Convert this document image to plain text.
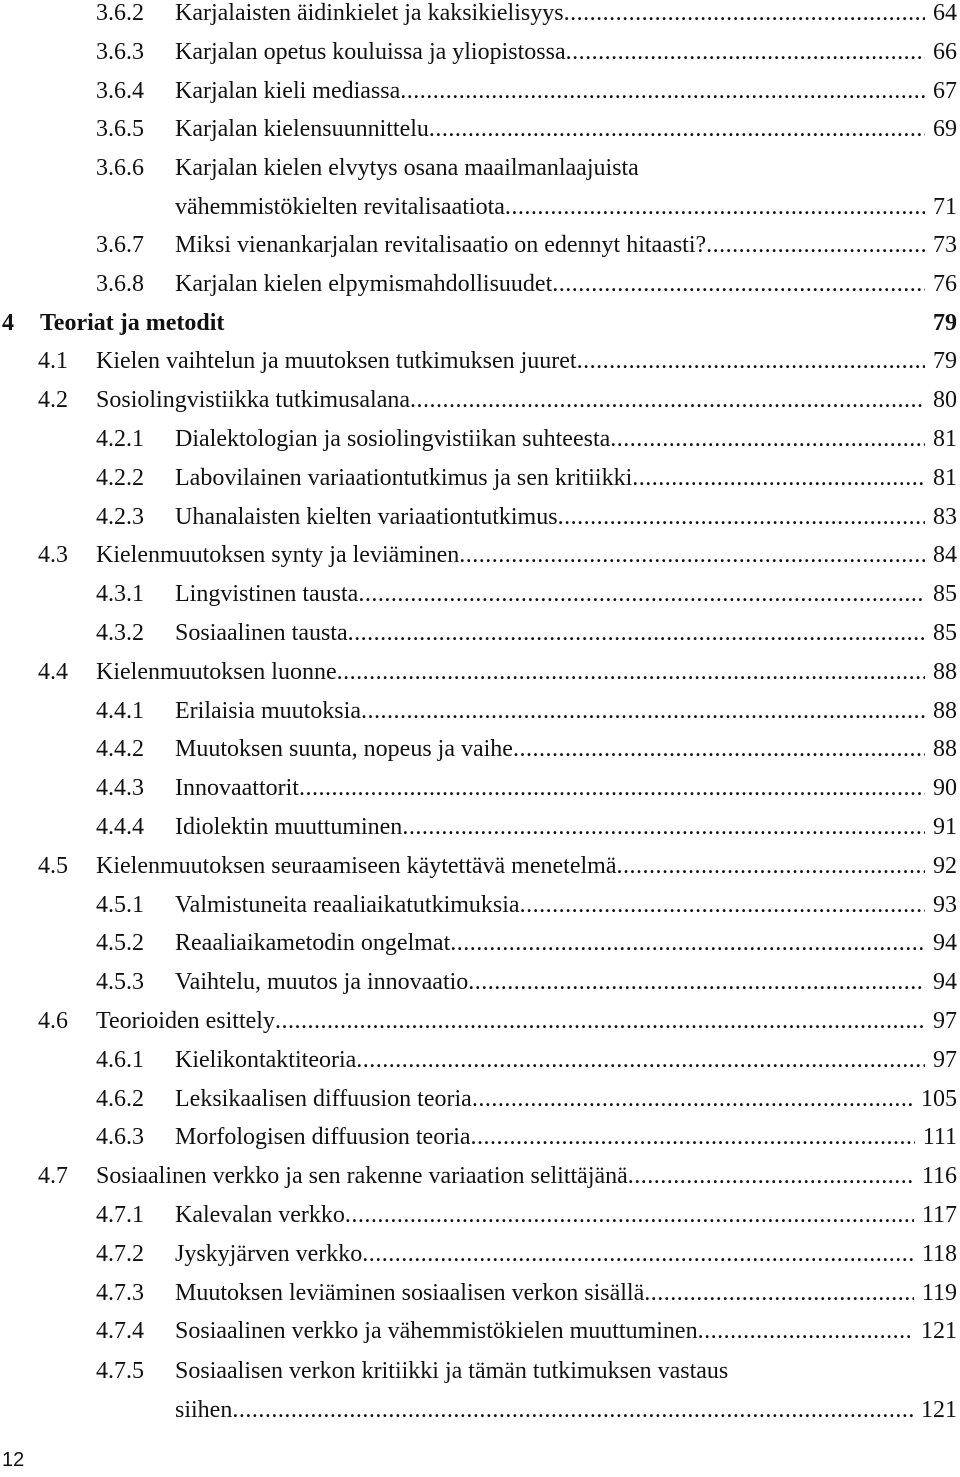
3.6.2 Karjalaisten äidinkielet ja kaksikielisyys .....	64
3.6.3 Karjalan opetus kouluissa ja yliopistossa .....	66
3.6.4 Karjalan kieli mediassa .....	67
3.6.5 Karjalan kielensuunnittelu .....	69
3.6.6 Karjalan kielen elvytys osana maailmanlaajuista
vähemmistökielten revitalisaatiota .....	71
3.6.7 Miksi vienankarjalan revitalisaatio on edennyt hitaasti? .....	73
3.6.8 Karjalan kielen elpymismahdollisuudet .....	76
4 Teoriat ja metodit	79
4.1 Kielen vaihtelun ja muutoksen tutkimuksen juuret .....	79
4.2 Sosiolingvistiikka tutkimusalana .....	80
4.2.1 Dialektologian ja sosiolingvistiikan suhteesta .....	81
4.2.2 Labovilainen variaationtutkimus ja sen kritiikki .....	81
4.2.3 Uhanalaisten kielten variaationtutkimus .....	83
4.3 Kielenmuutoksen synty ja leviäminen .....	84
4.3.1 Lingvistinen tausta .....	85
4.3.2 Sosiaalinen tausta .....	85
4.4 Kielenmuutoksen luonne .....	88
4.4.1 Erilaisia muutoksia .....	88
4.4.2 Muutoksen suunta, nopeus ja vaihe .....	88
4.4.3 Innovaattorit .....	90
4.4.4 Idiolektin muuttuminen .....	91
4.5 Kielenmuutoksen seuraamiseen käytettävä menetelmä .....	92
4.5.1 Valmistuneita reaaliaikatutkimuksia .....	93
4.5.2 Reaaliaikametodin ongelmat .....	94
4.5.3 Vaihtelu, muutos ja innovaatio .....	94
4.6 Teorioiden esittely .....	97
4.6.1 Kielikontaktiteoria .....	97
4.6.2 Leksikaalisen diffuusion teoria .....	105
4.6.3 Morfologisen diffuusion teoria .....	111
4.7 Sosiaalinen verkko ja sen rakenne variaation selittäjänä .....	116
4.7.1 Kalevalan verkko .....	117
4.7.2 Jyskyjärven verkko .....	118
4.7.3 Muutoksen leviäminen sosiaalisen verkon sisällä .....	119
4.7.4 Sosiaalinen verkko ja vähemmistökielen muuttuminen .....	121
4.7.5 Sosiaalisen verkon kritiikki ja tämän tutkimuksen vastaus
siihen .....	121
12
